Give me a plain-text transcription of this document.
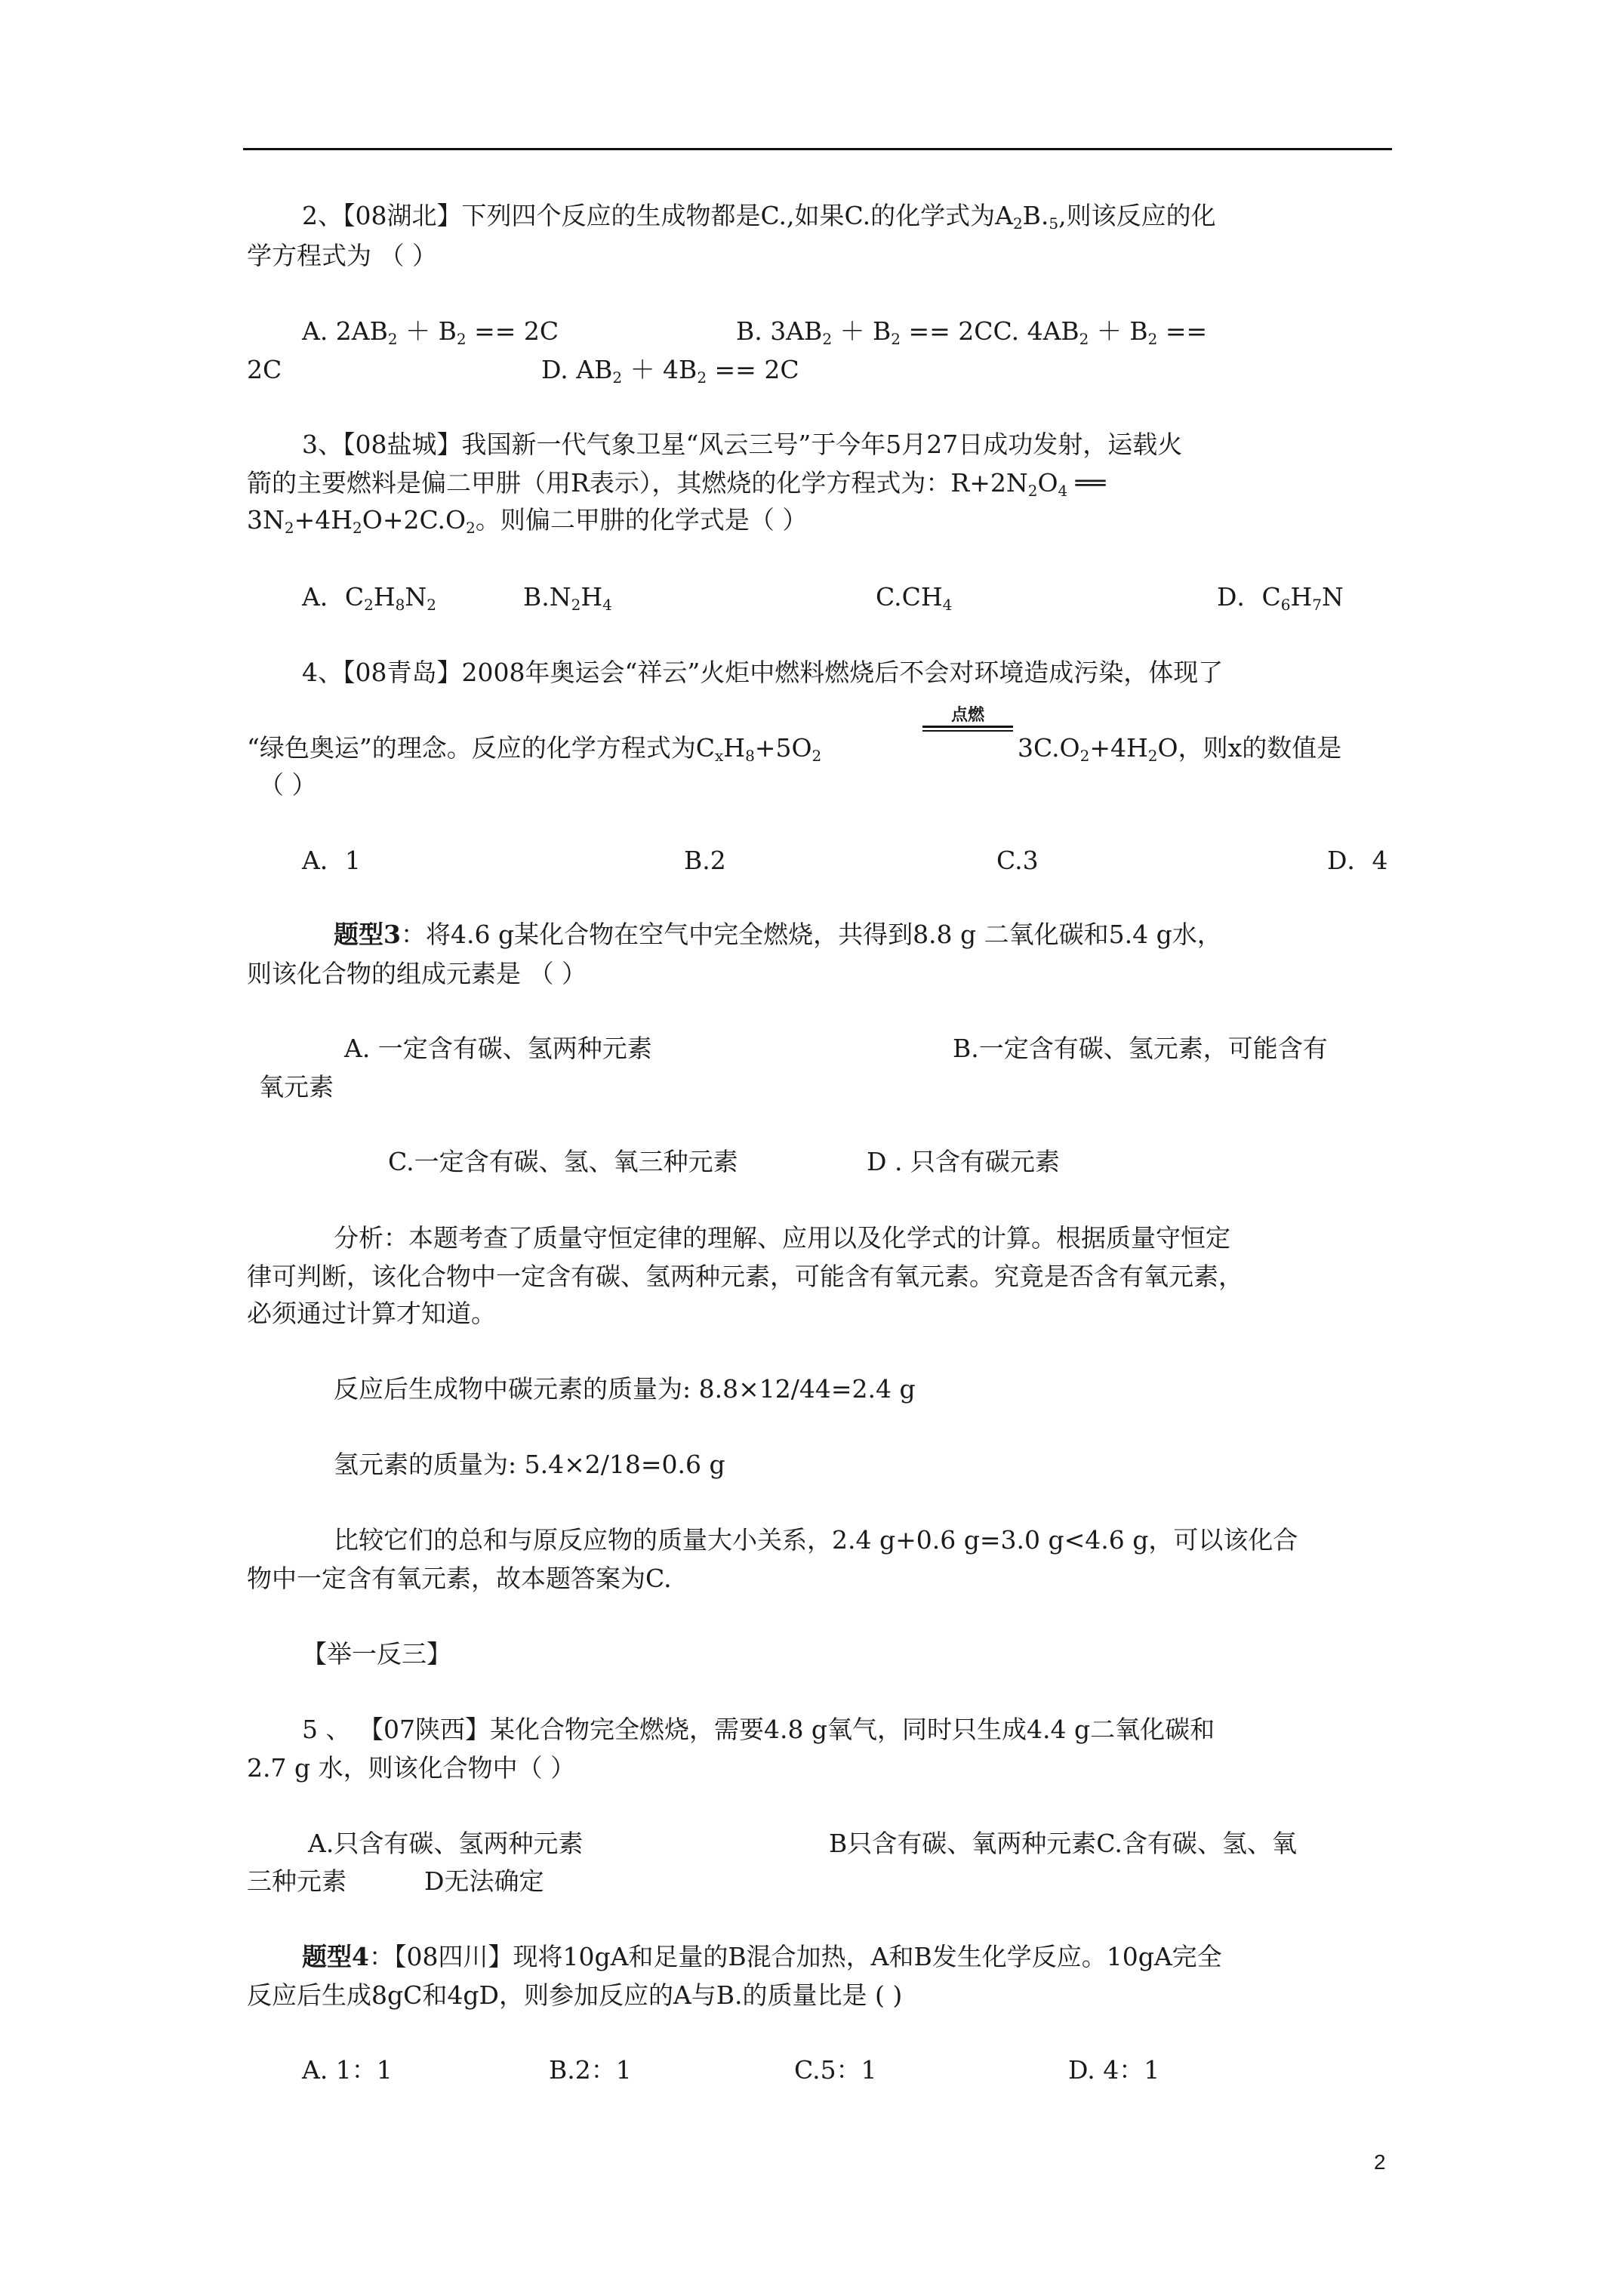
2、【08湖北】下列四个反应的生成物都是C.,如果C.的化学式为$A_2B._5$,则该反应的化
学方程式为 （ ）
A. $2AB_2 + B_2 == 2C$	B. $3AB_2 + B_2 == 2CC$. $4AB_2 + B_2$ ==
2C	D. $AB_2 + 4B_2 == 2C$
3、【08盐城】我国新一代气象卫星“风云三号”于今年5月27日成功发射，运载火
箭的主要燃料是偏二甲肼（用R表示），其燃烧的化学方程式为：$R+2N_2O_4$ ══
$3N_2+4H_2O+2C.O_2$。则偏二甲肼的化学式是（ ）
A．$C_2H_8N_2$	$B.N_2H_4$	$C.CH_4$	D．$C_6H_7N$
4、【08青岛】2008年奥运会“祥云”火炬中燃料燃烧后不会对环境造成污染，体现了
“绿色奥运”的理念。反应的化学方程式为$C_xH_8+5O_2$
点燃
$3C.O_2+4H_2O$，则x的数值是
（ ）
A．1	B.2	C.3	D．4
题型3：将4.6 g某化合物在空气中完全燃烧，共得到8.8 g 二氧化碳和5.4 g水，
则该化合物的组成元素是 （ ）
A. 一定含有碳、氢两种元素	B.一定含有碳、氢元素，可能含有
氧元素
C.一定含有碳、氢、氧三种元素	D . 只含有碳元素
分析：本题考查了质量守恒定律的理解、应用以及化学式的计算。根据质量守恒定
律可判断，该化合物中一定含有碳、氢两种元素，可能含有氧元素。究竟是否含有氧元素，
必须通过计算才知道。
反应后生成物中碳元素的质量为: 8.8×12/44=2.4 g
氢元素的质量为: 5.4×2/18=0.6 g
比较它们的总和与原反应物的质量大小关系，2.4 g+0.6 g=3.0 g<4.6 g，可以该化合
物中一定含有氧元素，故本题答案为C.
【举一反三】
5 、 【07陕西】某化合物完全燃烧，需要4.8 g氧气，同时只生成4.4 g二氧化碳和
2.7 g 水，则该化合物中（ ）
A.只含有碳、氢两种元素	B只含有碳、氧两种元素C.含有碳、氢、氧
三种元素	D无法确定
题型4：【08四川】现将10gA和足量的B混合加热，A和B发生化学反应。10gA完全
反应后生成8gC和4gD，则参加反应的A与B.的质量比是 ( )
A. 1：1	B.2：1	C.5：1	D. 4：1
2
